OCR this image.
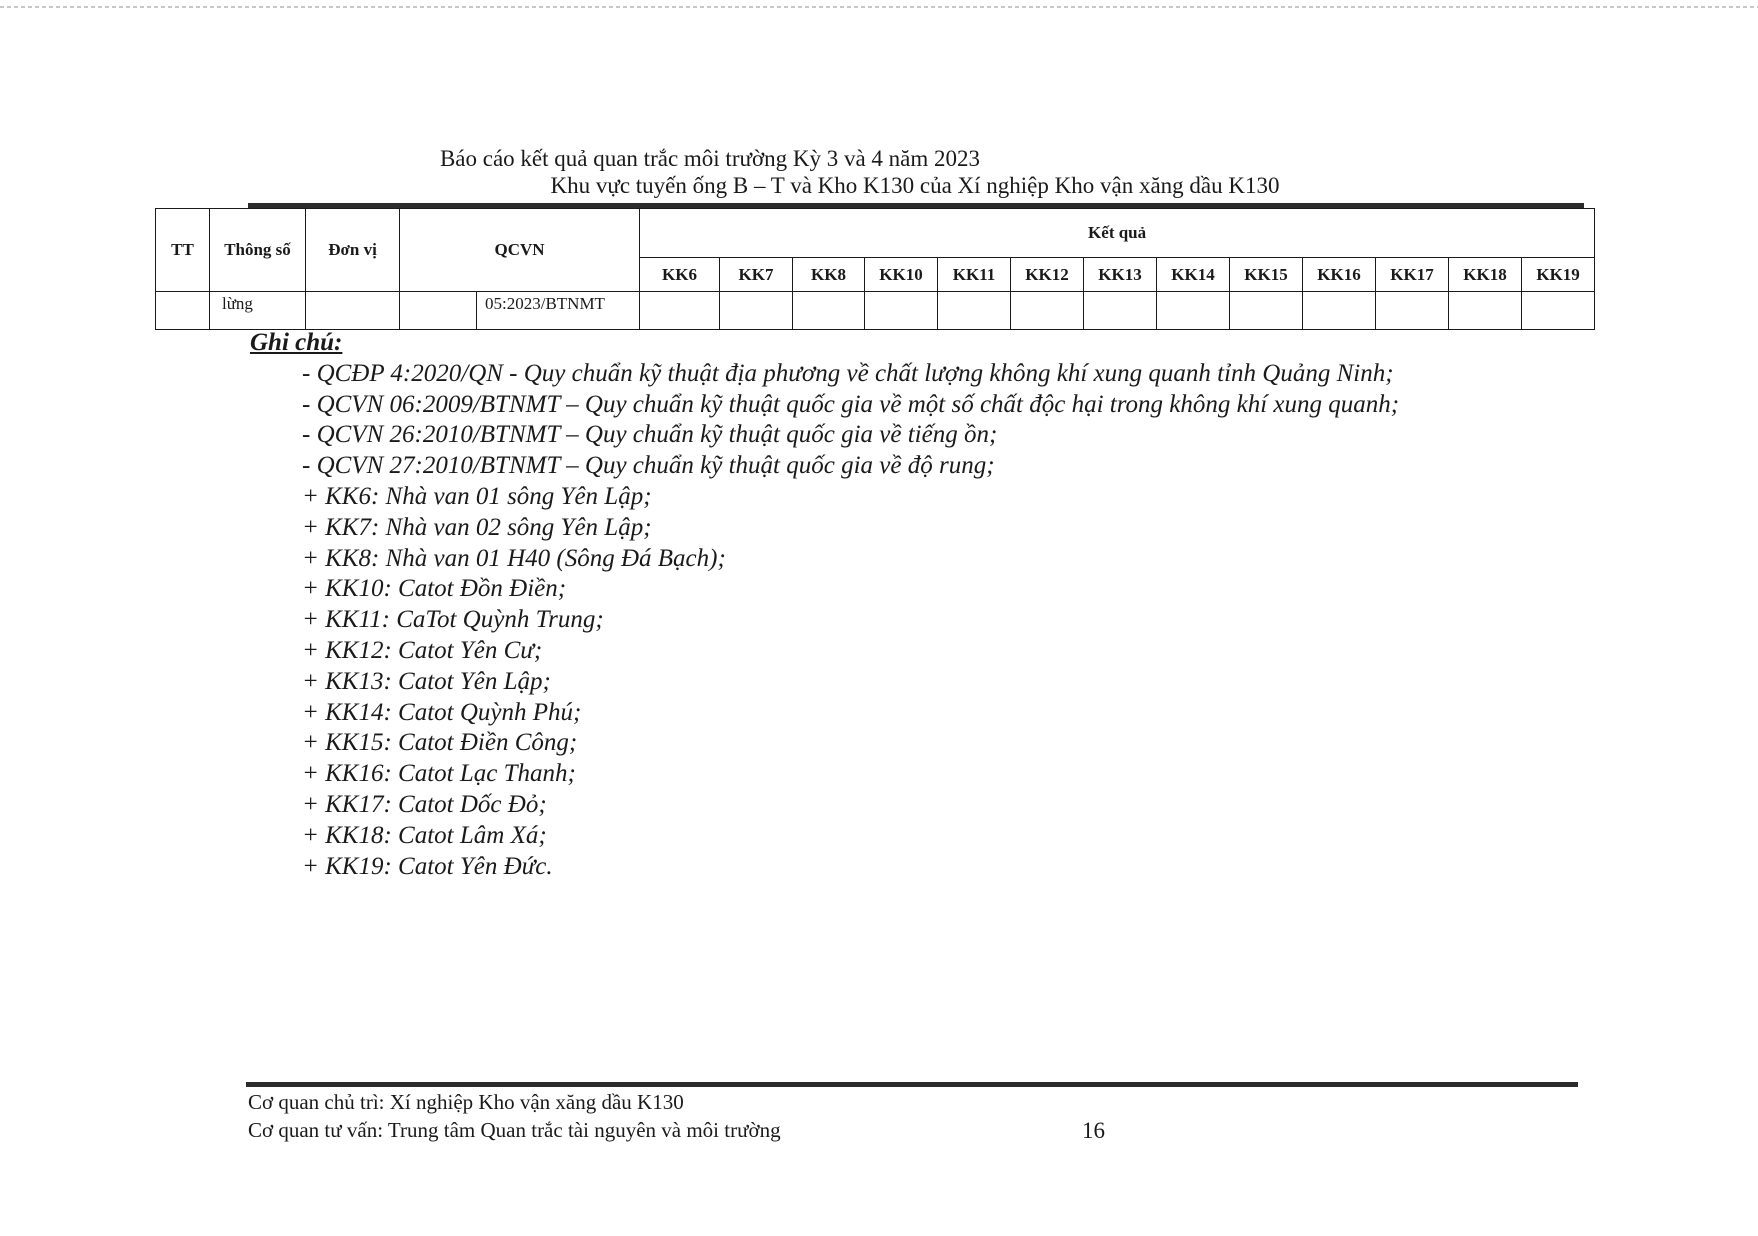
Báo cáo kết quả quan trắc môi trường Kỳ 3 và 4 năm 2023
Khu vực tuyến ống B – T và Kho K130 của Xí nghiệp Kho vận xăng dầu K130
TT	Thông số	Đơn vị	QCVN		Kết quả												
					KK6	KK7	KK8	KK10	KK11	KK12	KK13	KK14	KK15	KK16	KK17	KK18	KK19
	lừng			05:2023/BTNMT													
Ghi chú:
- QCĐP 4:2020/QN - Quy chuẩn kỹ thuật địa phương về chất lượng không khí xung quanh tỉnh Quảng Ninh;
- QCVN 06:2009/BTNMT – Quy chuẩn kỹ thuật quốc gia về một số chất độc hại trong không khí xung quanh;
- QCVN 26:2010/BTNMT – Quy chuẩn kỹ thuật quốc gia về tiếng ồn;
- QCVN 27:2010/BTNMT – Quy chuẩn kỹ thuật quốc gia về độ rung;
+ KK6: Nhà van 01 sông Yên Lập;
+ KK7: Nhà van 02 sông Yên Lập;
+ KK8: Nhà van 01 H40 (Sông Đá Bạch);
+ KK10: Catot Đồn Điền;
+ KK11: CaTot Quỳnh Trung;
+ KK12: Catot Yên Cư;
+ KK13: Catot Yên Lập;
+ KK14: Catot Quỳnh Phú;
+ KK15: Catot Điền Công;
+ KK16: Catot Lạc Thanh;
+ KK17: Catot Dốc Đỏ;
+ KK18: Catot Lâm Xá;
+ KK19: Catot Yên Đức.
Cơ quan chủ trì: Xí nghiệp Kho vận xăng dầu K130
Cơ quan tư vấn: Trung tâm Quan trắc tài nguyên và môi trường	16
